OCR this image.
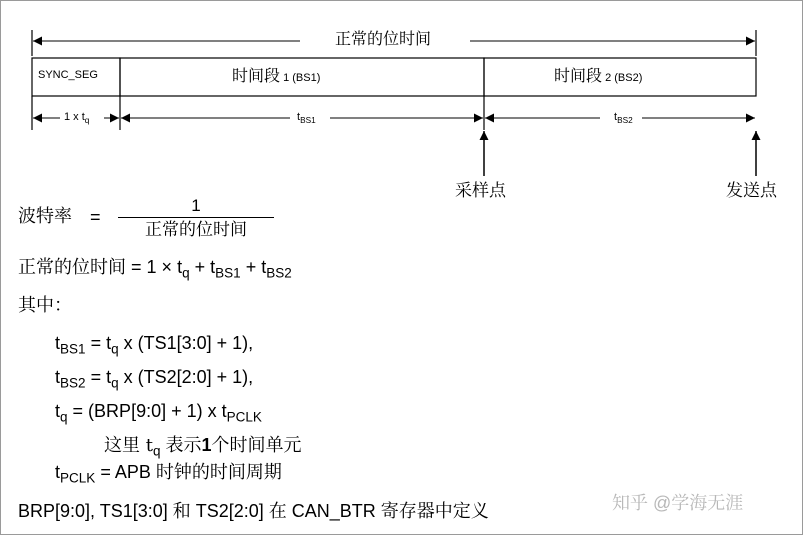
正常的位时间
SYNC_SEG	时间段 1 (BS1)	时间段 2 (BS2)
1 x $t_q$	$t_{BS1}$	$t_{BS2}$
采样点	发送点
波特率 =
1
正常的位时间
正常的位时间 = $1 \times t_q + t_{BS1} + t_{BS2}$
其中：
$t_{BS1} = t_q$ x (TS1[3:0] + 1),
$t_{BS2} = t_q$ x (TS2[2:0] + 1),
$t_q$ = (BRP[9:0] + 1) x $t_{PCLK}$
这里 $t_q$ 表示1个时间单元
$t_{PCLK}$ = APB 时钟的时间周期
BRP[9:0], TS1[3:0] 和 TS2[2:0] 在 CAN_BTR 寄存器中定义	知乎 @学海无涯
